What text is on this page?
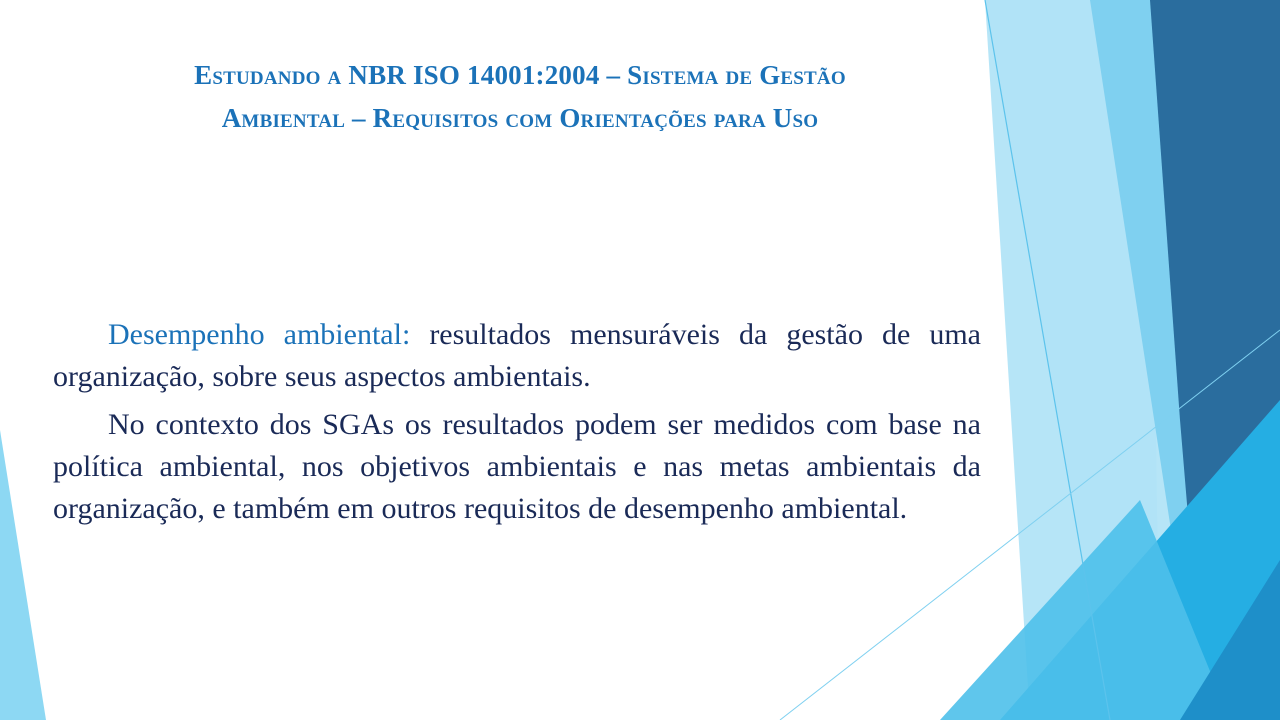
Estudando a NBR ISO 14001:2004 – Sistema de Gestão
Ambiental – Requisitos com Orientações para Uso

Desempenho ambiental: resultados mensuráveis da gestão de uma organização, sobre seus aspectos ambientais.

No contexto dos SGAs os resultados podem ser medidos com base na política ambiental, nos objetivos ambientais e nas metas ambientais da organização, e também em outros requisitos de desempenho ambiental.
